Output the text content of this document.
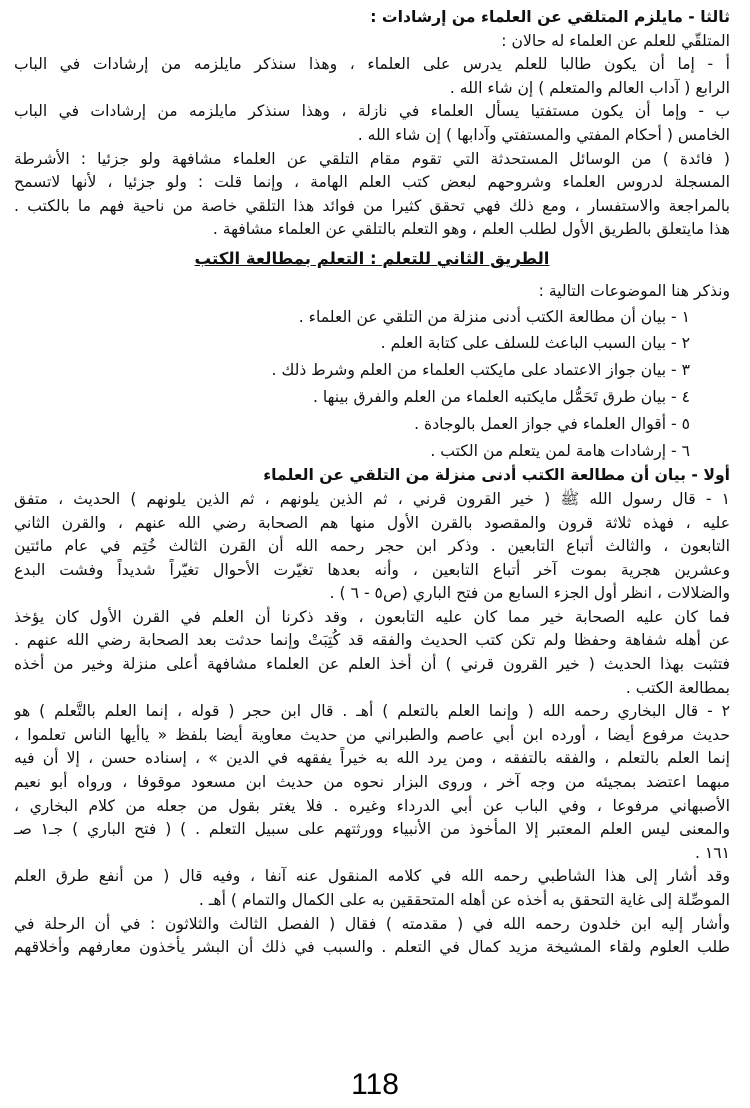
ثالثا - مايلزم المتلقي عن العلماء من إرشادات :
المتلقّي للعلم عن العلماء له حالان :
أ - إما أن يكون طالبا للعلم يدرس على العلماء ، وهذا سنذكر مايلزمه من إرشادات في الباب
الرابع ( آداب العالم والمتعلم ) إن شاء الله .
ب - وإما أن يكون مستفتيا يسأل العلماء في نازلة ، وهذا سنذكر مايلزمه من إرشادات في الباب
الخامس ( أحكام المفتي والمستفتي وآدابها ) إن شاء الله .
( فائدة ) من الوسائل المستحدثة التي تقوم مقام التلقي عن العلماء مشافهة ولو جزئيا : الأشرطة
المسجلة لدروس العلماء وشروحهم لبعض كتب العلم الهامة ، وإنما قلت : ولو جزئيا ، لأنها لاتسمح
بالمراجعة والاستفسار ، ومع ذلك فهي تحقق كثيرا من فوائد هذا التلقي خاصة من ناحية فهم ما بالكتب .
هذا مايتعلق بالطريق الأول لطلب العلم ، وهو التعلم بالتلقي عن العلماء مشافهة .
الطريق الثاني للتعلم : التعلم بمطالعة الكتب
ونذكر هنا الموضوعات التالية :
١ - بيان أن مطالعة الكتب أدنى منزلة من التلقي عن العلماء .
٢ - بيان السبب الباعث للسلف على كتابة العلم .
٣ - بيان جواز الاعتماد على مايكتب العلماء من العلم وشرط ذلك .
٤ - بيان طرق تَحَمُّل مايكتبه العلماء من العلم والفرق بينها .
٥ - أقوال العلماء في جواز العمل بالوجادة .
٦ - إرشادات هامة لمن يتعلم من الكتب .
أولا - بيان أن مطالعة الكتب أدنى منزلة من التلقي عن العلماء
١ - قال رسول الله ﷺ ( خير القرون قرني ، ثم الذين يلونهم ، ثم الذين يلونهم ) الحديث ، متفق
عليه ، فهذه ثلاثة قرون والمقصود بالقرن الأول منها هم الصحابة رضي الله عنهم ، والقرن الثاني
التابعون ، والثالث أتباع التابعين . وذكر ابن حجر رحمه الله أن القرن الثالث خُتِم في عام مائتين
وعشرين هجرية بموت آخر أتباع التابعين ، وأنه بعدها تغيّرت الأحوال تغيّراً شديداً وفشت البدع
والضلالات ، انظر أول الجزء السابع من فتح الباري (ص٥ - ٦ ) .
فما كان عليه الصحابة خير مما كان عليه التابعون ، وقد ذكرنا أن العلم في القرن الأول كان يؤخذ
عن أهله شفاهة وحفظا ولم تكن كتب الحديث والفقه قد كُتِبَتْ وإنما حدثت بعد الصحابة رضي الله عنهم .
فتثبت بهذا الحديث ( خير القرون قرني ) أن أخذ العلم عن العلماء مشافهة أعلى منزلة وخير من أخذه
بمطالعة الكتب .
٢ - قال البخاري رحمه الله ( وإنما العلم بالتعلم ) أهـ . قال ابن حجر ( قوله ، إنما العلم بالتَّعلم ) هو
حديث مرفوع أيضا ، أورده ابن أبي عاصم والطبراني من حديث معاوية أيضا بلفظ « ياأيها الناس تعلموا ،
إنما العلم بالتعلم ، والفقه بالتفقه ، ومن يرد الله به خيراً يفقهه في الدين » ، إسناده حسن ، إلا أن فيه
مبهما اعتضد بمجيئه من وجه آخر ، وروى البزار نحوه من حديث ابن مسعود موقوفا ، ورواه أبو نعيم
الأصبهاني مرفوعا ، وفي الباب عن أبي الدرداء وغيره . فلا يغتر بقول من جعله من كلام البخاري ،
والمعنى ليس العلم المعتبر إلا المأخوذ من الأنبياء وورثتهم على سبيل التعلم . ) ( فتح الباري ) جـ١ صـ
١٦١ .
وقد أشار إلى هذا الشاطبي رحمه الله في كلامه المنقول عنه آنفا ، وفيه قال ( من أنفع طرق العلم
الموصِّلة إلى غاية التحقق به أخذه عن أهله المتحققين به على الكمال والتمام ) أهـ .
وأشار إليه ابن خلدون رحمه الله في ( مقدمته ) فقال ( الفصل الثالث والثلاثون : في أن الرحلة في
طلب العلوم ولقاء المشيخة مزيد كمال في التعلم . والسبب في ذلك أن البشر يأخذون معارفهم وأخلاقهم
118
